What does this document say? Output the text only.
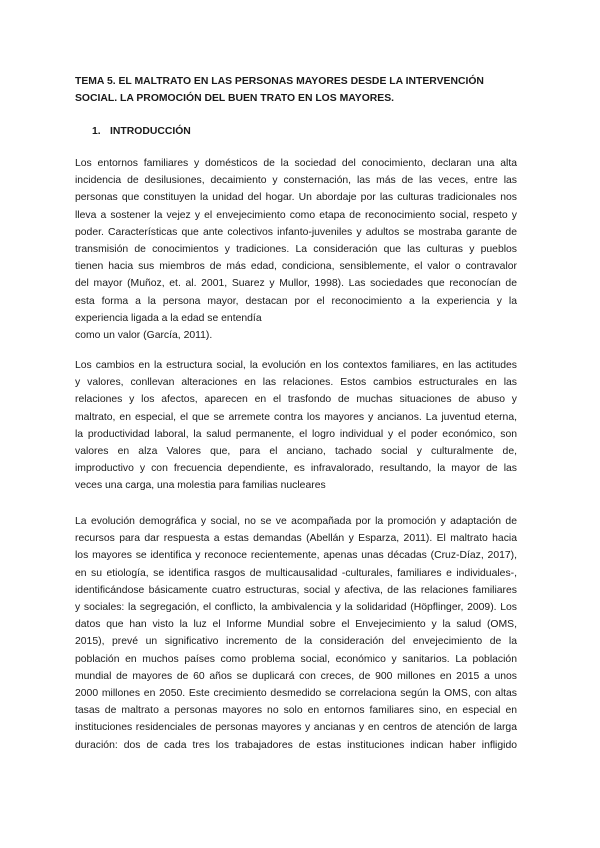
TEMA 5. EL MALTRATO EN LAS PERSONAS MAYORES DESDE LA INTERVENCIÓN SOCIAL. LA PROMOCIÓN DEL BUEN TRATO EN LOS MAYORES.

1. INTRODUCCIÓN

Los entornos familiares y domésticos de la sociedad del conocimiento, declaran una alta
incidencia de desilusiones, decaimiento y consternación, las más de las veces, entre las
personas que constituyen la unidad del hogar. Un abordaje por las culturas tradicionales nos
lleva a sostener la vejez y el envejecimiento como etapa de reconocimiento social, respeto y
poder. Características que ante colectivos infanto-juveniles y adultos se mostraba garante de
transmisión de conocimientos y tradiciones. La consideración que las culturas y pueblos
tienen hacia sus miembros de más edad, condiciona, sensiblemente, el valor o contravalor
del mayor (Muñoz, et. al. 2001, Suarez y Mullor, 1998). Las sociedades que reconocían de
esta forma a la persona mayor, destacan por el reconocimiento a la experiencia y la
experiencia ligada a la edad se entendía
como un valor (García, 2011).
Los cambios en la estructura social, la evolución en los contextos familiares, en las actitudes
y valores, conllevan alteraciones en las relaciones. Estos cambios estructurales en las
relaciones y los afectos, aparecen en el trasfondo de muchas situaciones de abuso y
maltrato, en especial, el que se arremete contra los mayores y ancianos. La juventud eterna,
la productividad laboral, la salud permanente, el logro individual y el poder económico, son
valores en alza Valores que, para el anciano, tachado social y culturalmente de,
improductivo y con frecuencia dependiente, es infravalorado, resultando, la mayor de las
veces una carga, una molestia para familias nucleares
La evolución demográfica y social, no se ve acompañada por la promoción y adaptación de
recursos para dar respuesta a estas demandas (Abellán y Esparza, 2011). El maltrato hacia
los mayores se identifica y reconoce recientemente, apenas unas décadas (Cruz-Díaz, 2017),
en su etiología, se identifica rasgos de multicausalidad -culturales, familiares e individuales-,
identificándose básicamente cuatro estructuras, social y afectiva, de las relaciones familiares
y sociales: la segregación, el conflicto, la ambivalencia y la solidaridad (Höpflinger, 2009). Los
datos que han visto la luz el Informe Mundial sobre el Envejecimiento y la salud (OMS,
2015), prevé un significativo incremento de la consideración del envejecimiento de la
población en muchos países como problema social, económico y sanitarios. La población
mundial de mayores de 60 años se duplicará con creces, de 900 millones en 2015 a unos
2000 millones en 2050. Este crecimiento desmedido se correlaciona según la OMS, con altas
tasas de maltrato a personas mayores no solo en entornos familiares sino, en especial en
instituciones residenciales de personas mayores y ancianas y en centros de atención de larga
duración: dos de cada tres los trabajadores de estas instituciones indican haber infligido
